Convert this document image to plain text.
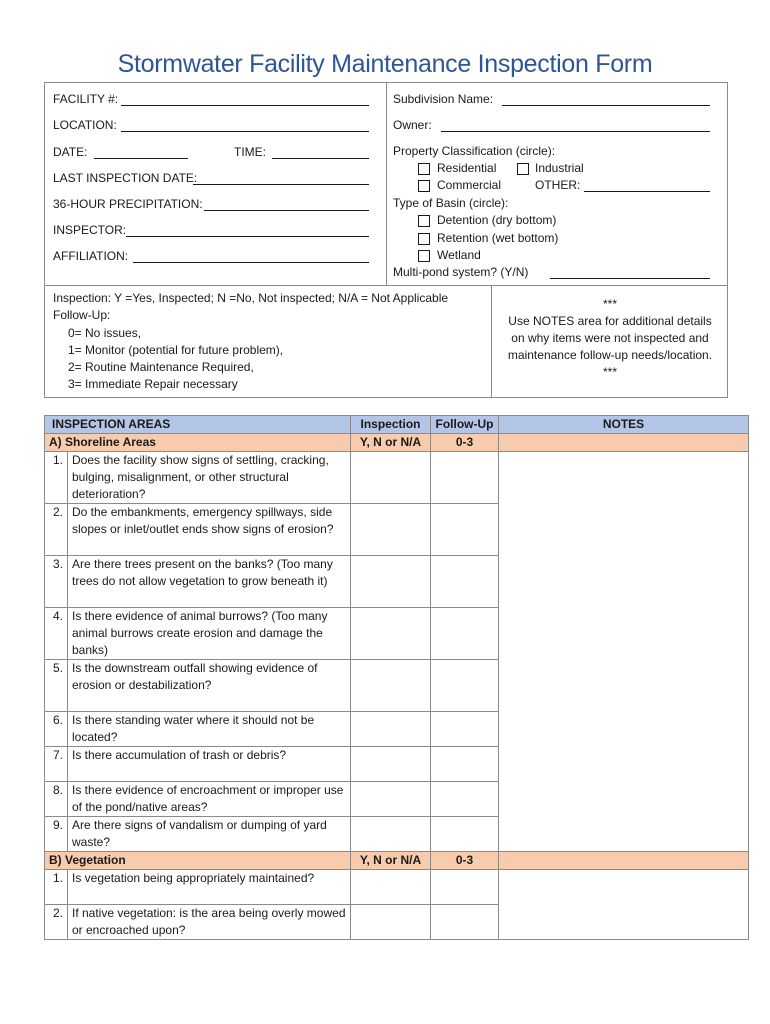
Stormwater Facility Maintenance Inspection Form
FACILITY #:
LOCATION:
DATE:	TIME:
LAST INSPECTION DATE:
36-HOUR PRECIPITATION:
INSPECTOR:
AFFILIATION:
Subdivision Name:
Owner:
Property Classification (circle):
Residential	Industrial
Commercial	OTHER:
Type of Basin (circle):
Detention (dry bottom)
Retention (wet bottom)
Wetland
Multi-pond system? (Y/N)
Inspection: Y =Yes, Inspected; N =No, Not inspected; N/A = Not Applicable
Follow-Up:
0= No issues,
1= Monitor (potential for future problem),
2= Routine Maintenance Required,
3= Immediate Repair necessary
***
Use NOTES area for additional details
on why items were not inspected and
maintenance follow-up needs/location.
***
INSPECTION AREAS		Inspection	Follow-Up	NOTES
A) Shoreline Areas		Y, N or N/A	0-3	
1.	Does the facility show signs of settling, cracking, bulging, misalignment, or other structural deterioration?			
2.	Do the embankments, emergency spillways, side slopes or inlet/outlet ends show signs of erosion?			
3.	Are there trees present on the banks? (Too many trees do not allow vegetation to grow beneath it)			
4.	Is there evidence of animal burrows? (Too many animal burrows create erosion and damage the banks)			
5.	Is the downstream outfall showing evidence of erosion or destabilization?			
6.	Is there standing water where it should not be located?			
7.	Is there accumulation of trash or debris?			
8.	Is there evidence of encroachment or improper use of the pond/native areas?			
9.	Are there signs of vandalism or dumping of yard waste?			
B) Vegetation		Y, N or N/A	0-3	
1.	Is vegetation being appropriately maintained?			
2.	If native vegetation: is the area being overly mowed or encroached upon?			
